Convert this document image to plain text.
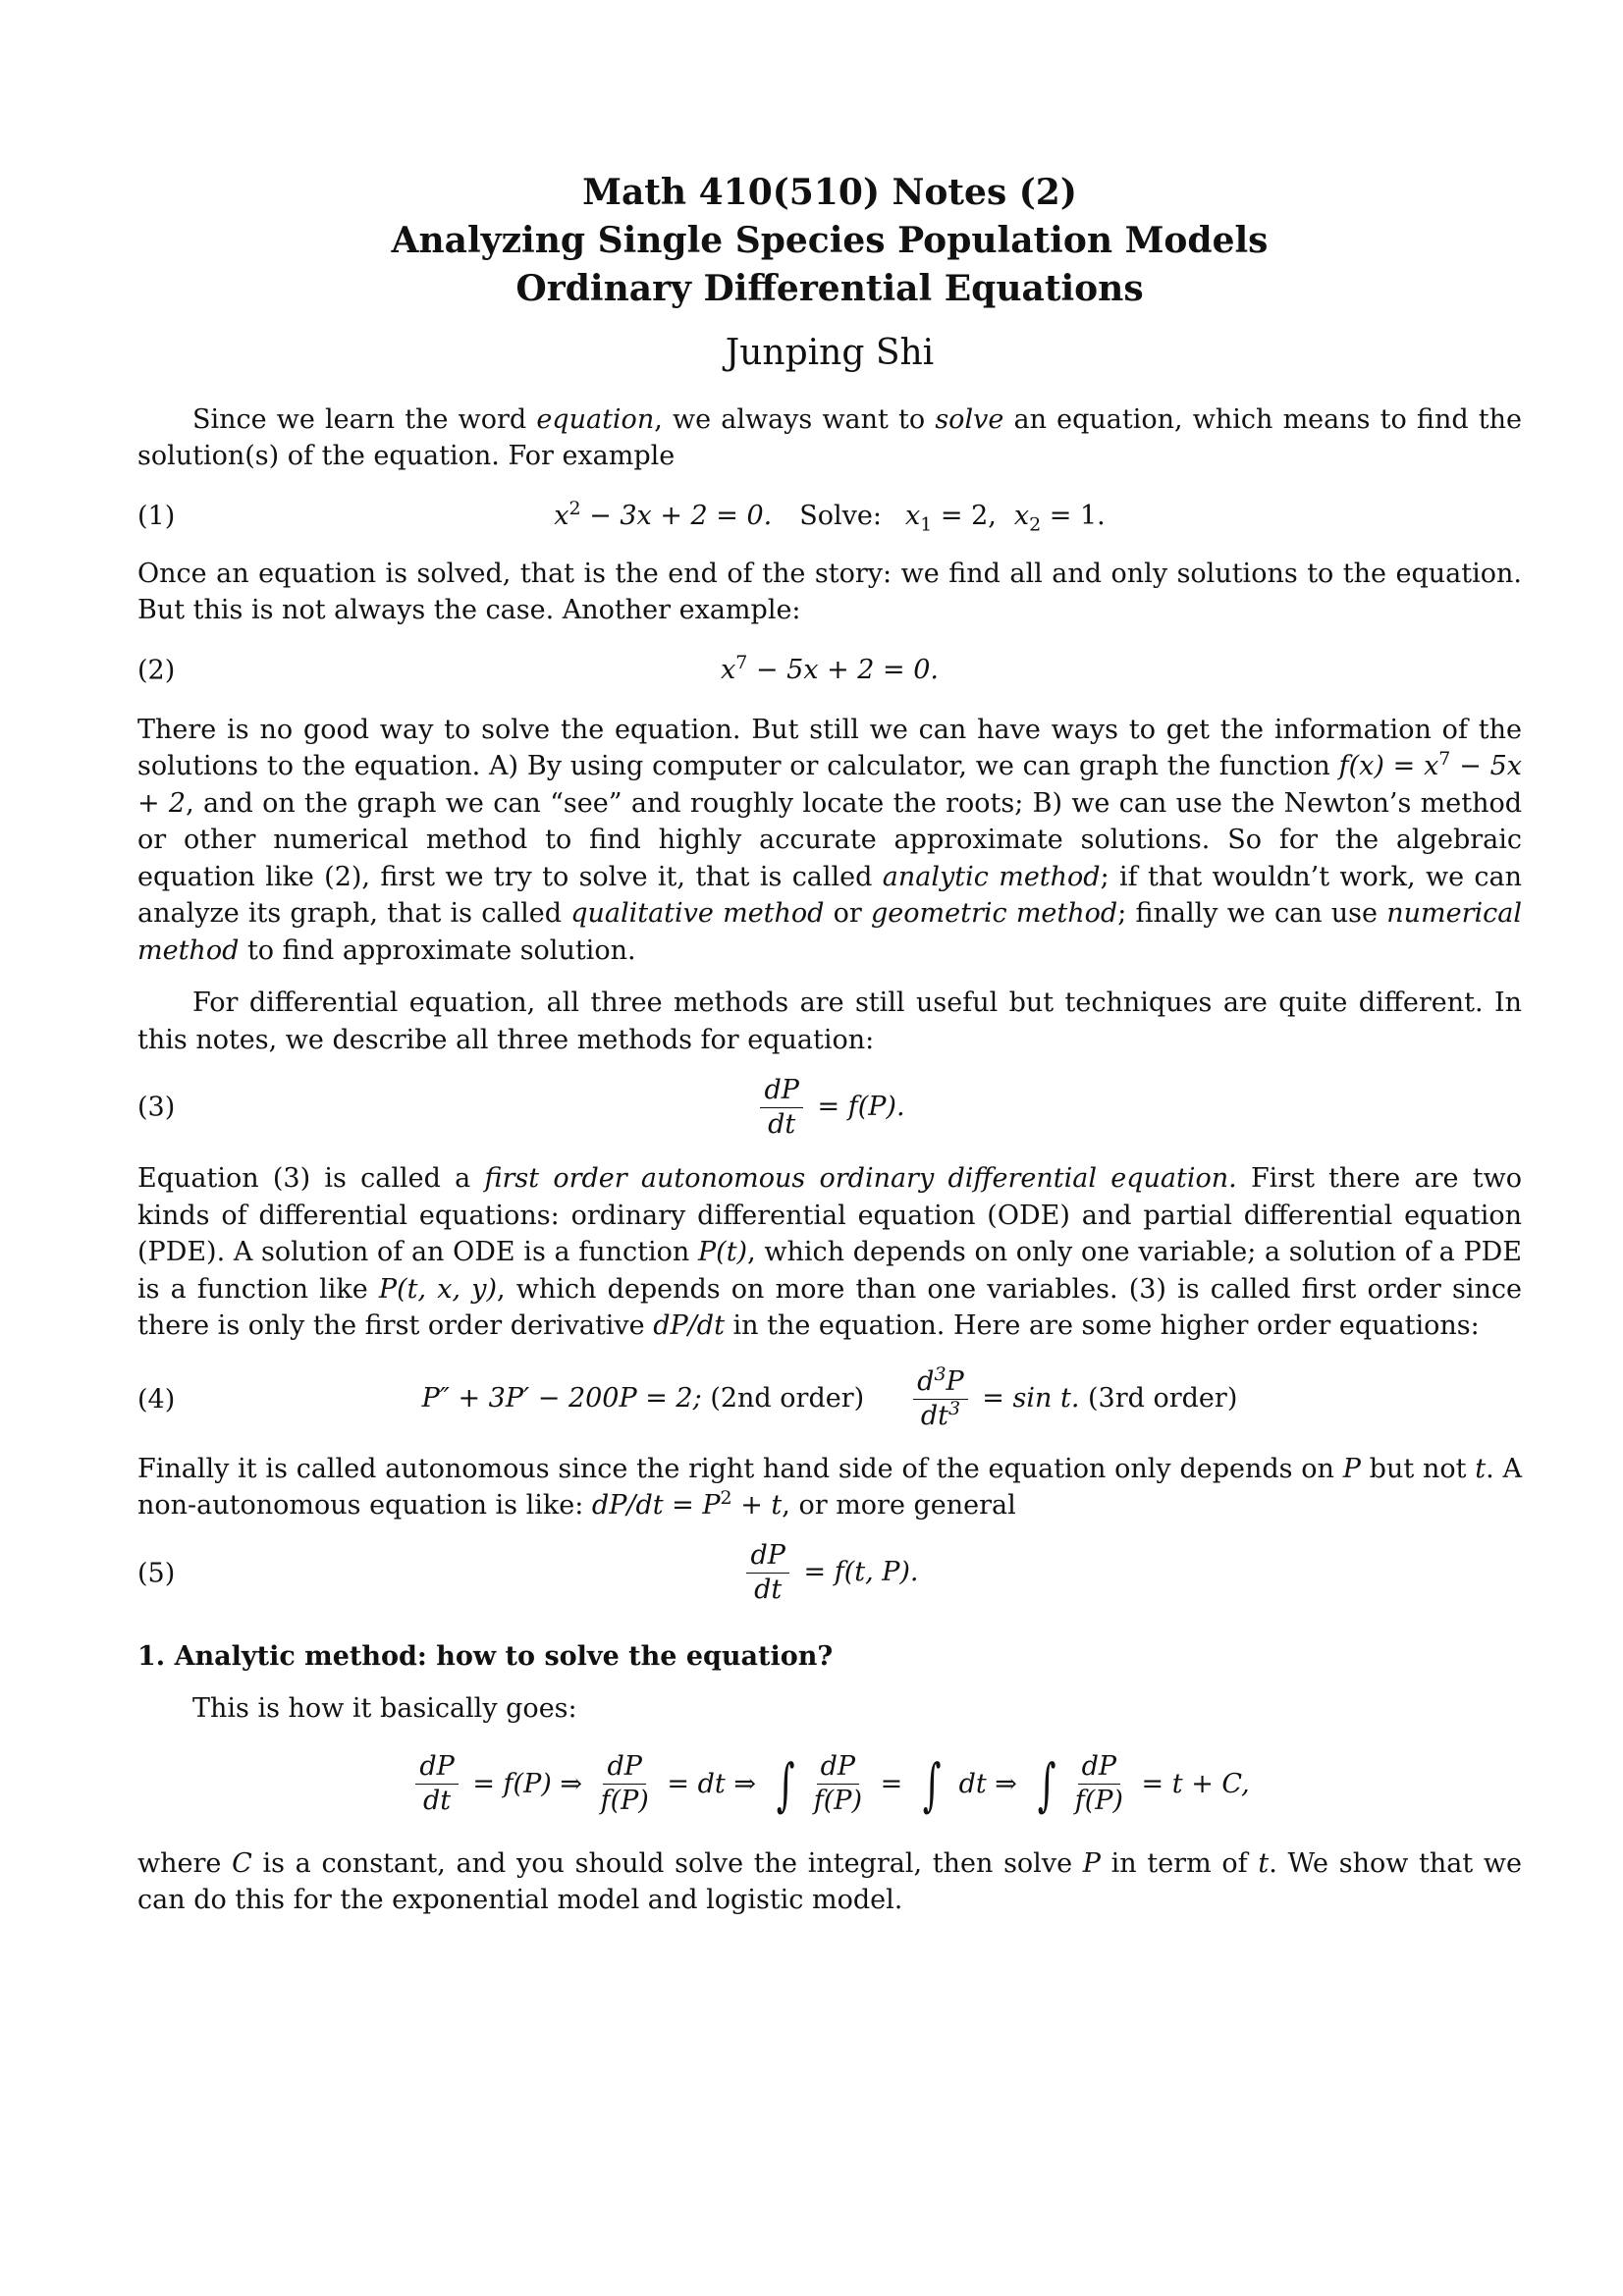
Math 410(510) Notes (2)
Analyzing Single Species Population Models
Ordinary Differential Equations
Junping Shi

Since we learn the word equation, we always want to solve an equation, which means to find the solution(s) of the equation. For example

(1)	$x^2 - 3x + 2 = 0$. Solve: $x_1 = 2$, $x_2 = 1$.

Once an equation is solved, that is the end of the story: we find all and only solutions to the equation. But this is not always the case. Another example:

(2)	$x^7 - 5x + 2 = 0$.

There is no good way to solve the equation. But still we can have ways to get the information of the solutions to the equation. A) By using computer or calculator, we can graph the function $f(x) = x^7 - 5x + 2$, and on the graph we can “see” and roughly locate the roots; B) we can use the Newton’s method or other numerical method to find highly accurate approximate solutions. So for the algebraic equation like (2), first we try to solve it, that is called analytic method; if that wouldn’t work, we can analyze its graph, that is called qualitative method or geometric method; finally we can use numerical method to find approximate solution.

For differential equation, all three methods are still useful but techniques are quite different. In this notes, we describe all three methods for equation:

(3)	$\frac{dP}{dt} = f(P)$.

Equation (3) is called a first order autonomous ordinary differential equation. First there are two kinds of differential equations: ordinary differential equation (ODE) and partial differential equation (PDE). A solution of an ODE is a function P(t), which depends on only one variable; a solution of a PDE is a function like P(t, x, y), which depends on more than one variables. (3) is called first order since there is only the first order derivative dP/dt in the equation. Here are some higher order equations:

(4)	P″ + 3P′ − 200P = 2; (2nd order) $\frac{d^3P}{dt^3} = \sin t$. (3rd order)

Finally it is called autonomous since the right hand side of the equation only depends on P but not t. A non-autonomous equation is like: $dP/dt = P^2 + t$, or more general

(5)	$\frac{dP}{dt} = f(t$, P).

1. Analytic method: how to solve the equation?

This is how it basically goes:

$\frac{dP}{dt} = f(P)$ ⇒ $\frac{dP}{f(P)}$ = dt ⇒ ∫ $\frac{dP}{f(P)}$ = ∫ dt ⇒ ∫ $\frac{dP}{f(P)} = t + C$,

where C is a constant, and you should solve the integral, then solve P in term of t. We show that we can do this for the exponential model and logistic model.
